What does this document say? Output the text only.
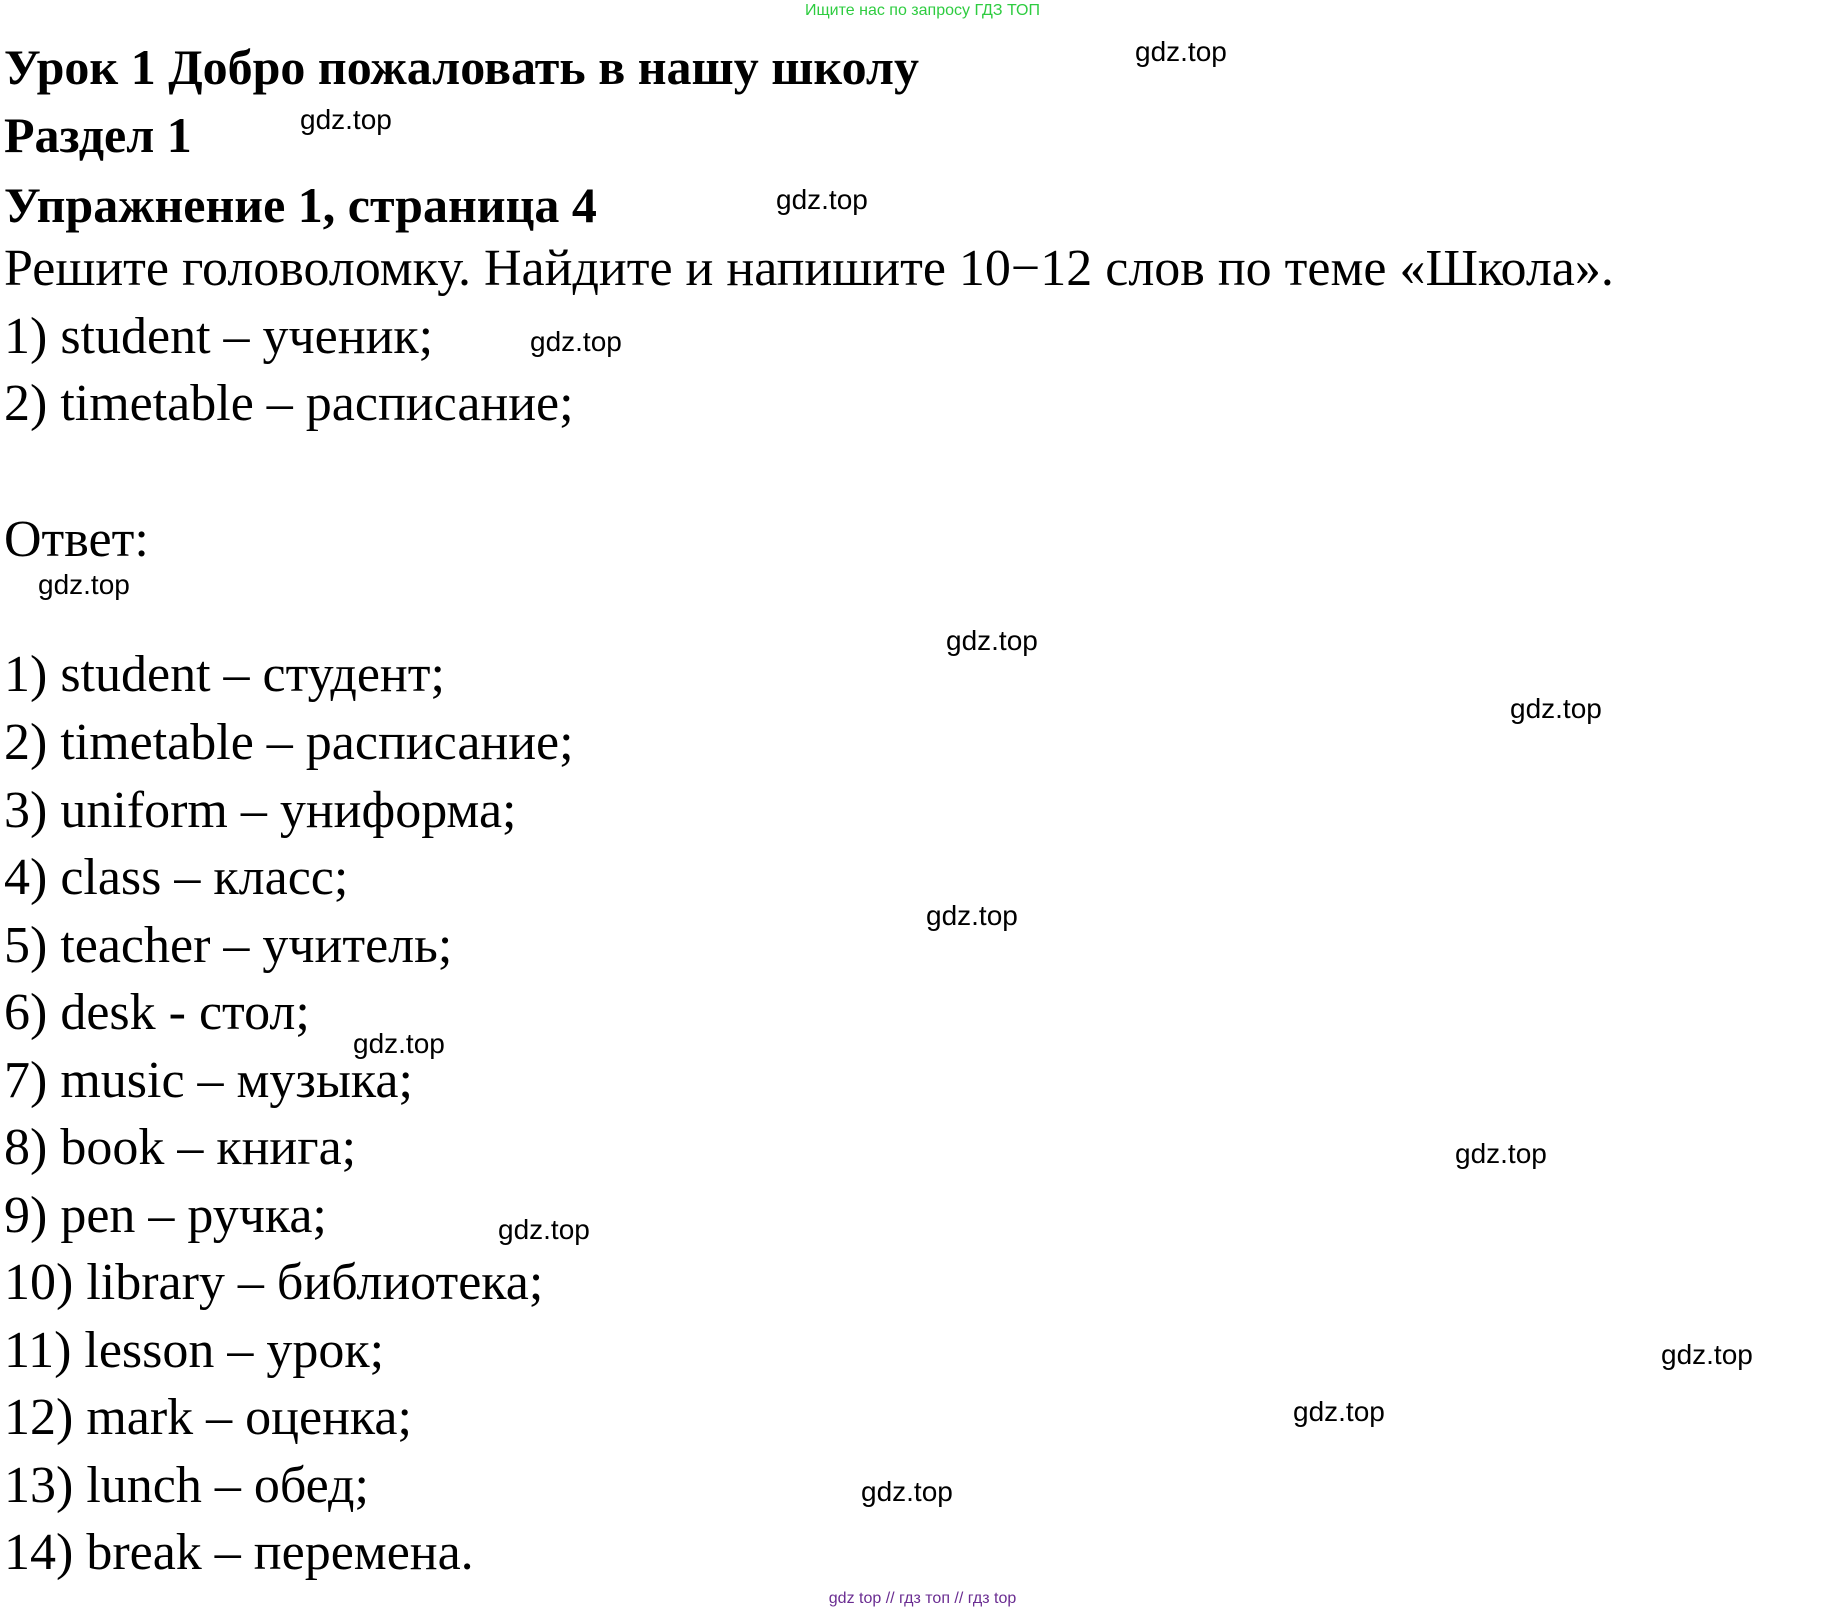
Ищите нас по запросу ГДЗ ТОП
Урок 1 Добро пожаловать в нашу школу
Раздел 1
Упражнение 1, страница 4
Решите головоломку. Найдите и напишите 10−12 слов по теме «Школа».
1) student – ученик;
2) timetable – расписание;
Ответ:
1) student – студент;
2) timetable – расписание;
3) uniform – униформа;
4) class – класс;
5) teacher – учитель;
6) desk - стол;
7) music – музыка;
8) book – книга;
9) pen – ручка;
10) library – библиотека;
11) lesson – урок;
12) mark – оценка;
13) lunch – обед;
14) break – перемена.
gdz.top
gdz.top
gdz.top
gdz.top
gdz.top
gdz.top
gdz.top
gdz.top
gdz.top
gdz.top
gdz.top
gdz.top
gdz.top
gdz.top
gdz top // гдз топ // гдз top
